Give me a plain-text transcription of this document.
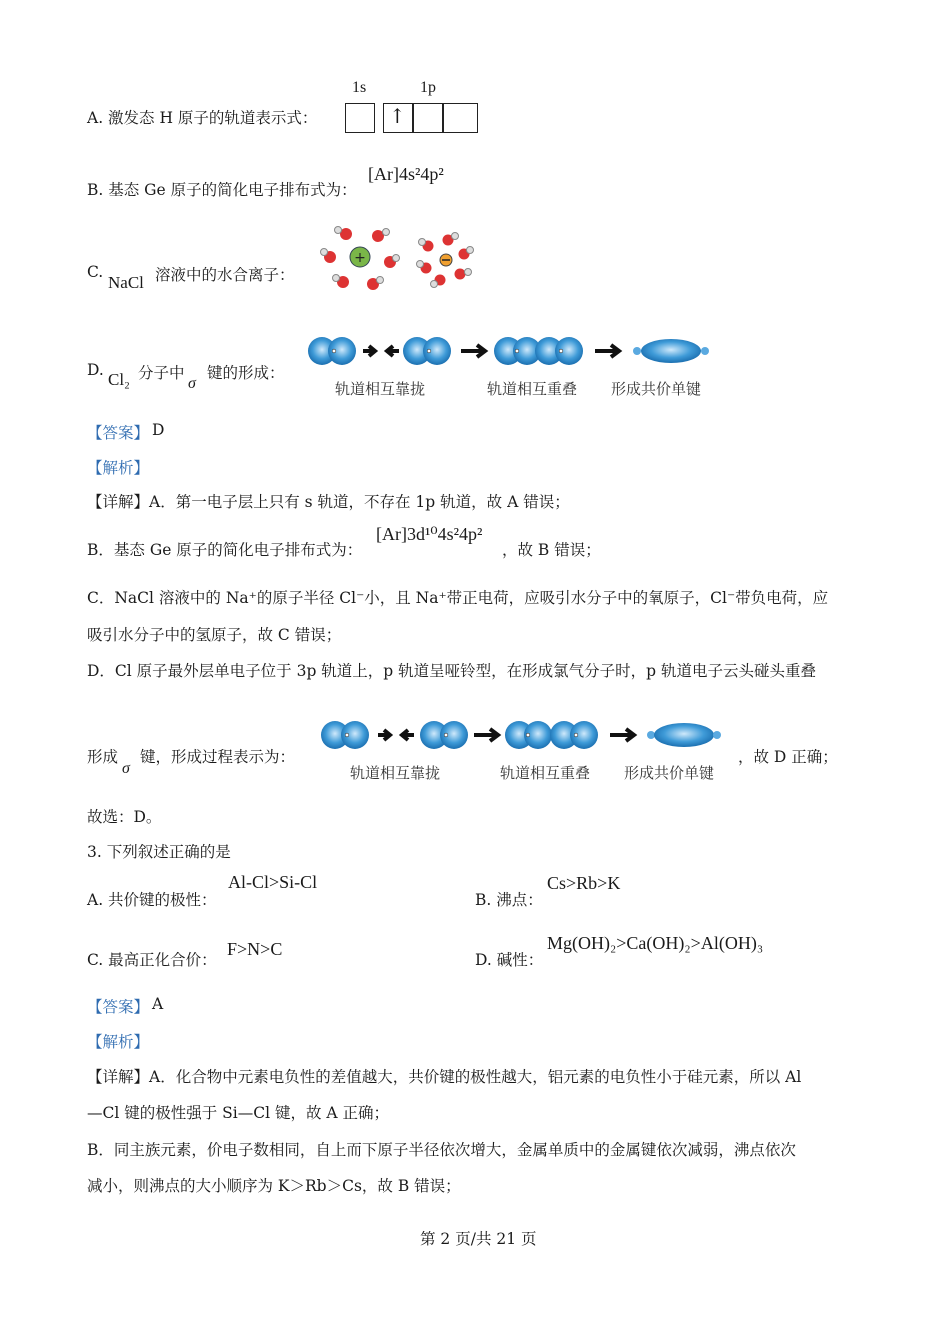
A. 激发态 H 原子的轨道表示式：
1s	1p
↑
B. 基态 Ge 原子的简化电子排布式为：
[Ar]4s²4p²
C.
NaCl 溶液中的水合离子：
+
D. Cl₂ 分子中
σ
键的形成：
轨道相互靠拢	轨道相互重叠 形成共价单键
【答案】 D
【解析】
【详解】A．第一电子层上只有 s 轨道，不存在 1p 轨道，故 A 错误；
B．基态 Ge 原子的简化电子排布式为：
[Ar]3d¹⁰4s²4p²
，故 B 错误；
C．NaCl 溶液中的 Na⁺的原子半径 Cl⁻小，且 Na⁺带正电荷，应吸引水分子中的氧原子，Cl⁻带负电荷，应
吸引水分子中的氢原子，故 C 错误；
D．Cl 原子最外层单电子位于 3p 轨道上，p 轨道呈哑铃型，在形成氯气分子时，p 轨道电子云头碰头重叠
形成
σ
键，形成过程表示为：
轨道相互靠拢	轨道相互重叠 形成共价单键
，故 D 正确；
故选：D。
3. 下列叙述正确的是
A. 共价键的极性：
Al-Cl>Si-Cl
B. 沸点：
Cs>Rb>K
C. 最高正化合价：
F>N>C
D. 碱性：
Mg(OH)₂>Ca(OH)₂>Al(OH)₃
【答案】 A
【解析】
【详解】A．化合物中元素电负性的差值越大，共价键的极性越大，铝元素的电负性小于硅元素，所以 Al
—Cl 键的极性强于 Si—Cl 键，故 A 正确；
B．同主族元素，价电子数相同，自上而下原子半径依次增大，金属单质中的金属键依次减弱，沸点依次
减小，则沸点的大小顺序为 K＞Rb＞Cs，故 B 错误；
第 2 页/共 21 页
